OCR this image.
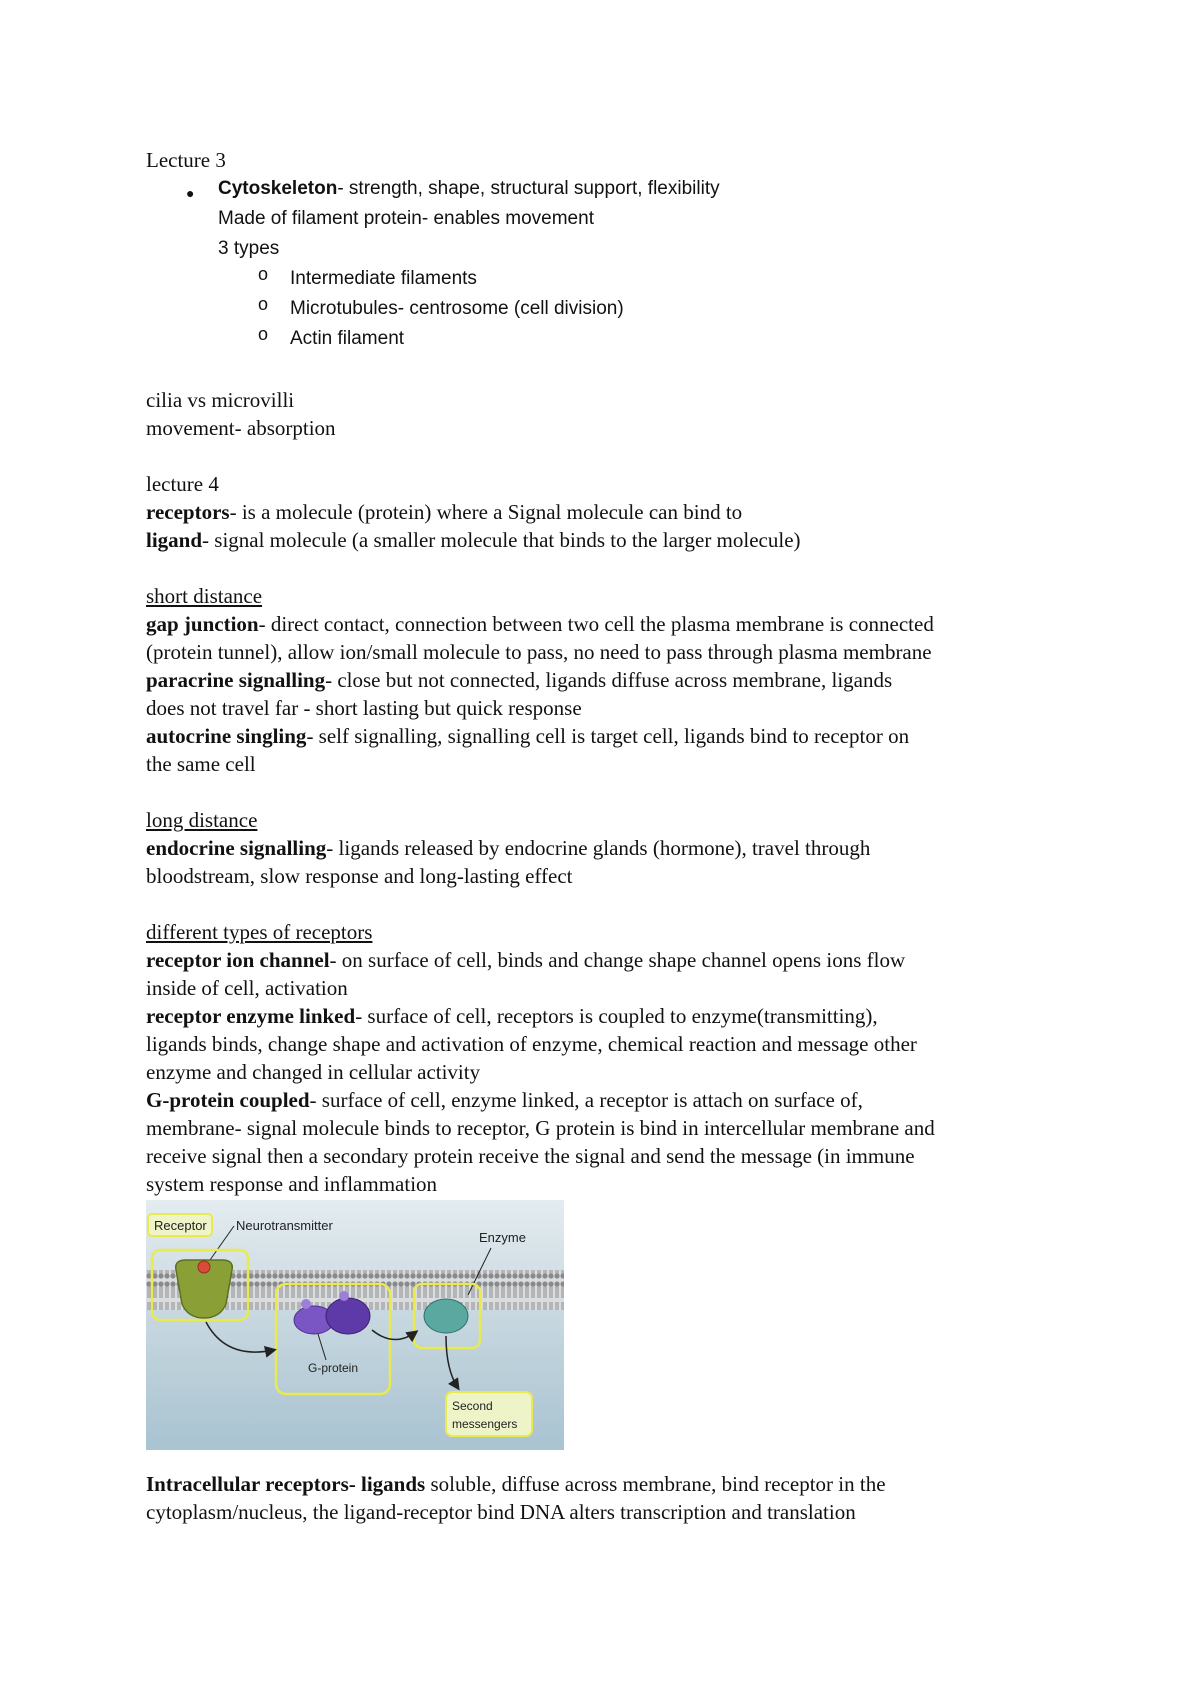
Lecture 3
● Cytoskeleton- strength, shape, structural support, flexibility
Made of filament protein- enables movement
3 types
o Intermediate filaments
o Microtubules- centrosome (cell division)
o Actin filament
cilia vs microvilli
movement- absorption
lecture 4
receptors- is a molecule (protein) where a Signal molecule can bind to
ligand- signal molecule (a smaller molecule that binds to the larger molecule)
short distance
gap junction- direct contact, connection between two cell the plasma membrane is connected
(protein tunnel), allow ion/small molecule to pass, no need to pass through plasma membrane
paracrine signalling- close but not connected, ligands diffuse across membrane, ligands
does not travel far - short lasting but quick response
autocrine singling- self signalling, signalling cell is target cell, ligands bind to receptor on
the same cell
long distance
endocrine signalling- ligands released by endocrine glands (hormone), travel through
bloodstream, slow response and long-lasting effect
different types of receptors
receptor ion channel- on surface of cell, binds and change shape channel opens ions flow
inside of cell, activation
receptor enzyme linked- surface of cell, receptors is coupled to enzyme(transmitting),
ligands binds, change shape and activation of enzyme, chemical reaction and message other
enzyme and changed in cellular activity
G-protein coupled- surface of cell, enzyme linked, a receptor is attach on surface of,
membrane- signal molecule binds to receptor, G protein is bind in intercellular membrane and
receive signal then a secondary protein receive the signal and send the message (in immune
system response and inflammation
Receptor Neurotransmitter
Enzyme
G-protein
Second
messengers
Intracellular receptors- ligands soluble, diffuse across membrane, bind receptor in the
cytoplasm/nucleus, the ligand-receptor bind DNA alters transcription and translation
